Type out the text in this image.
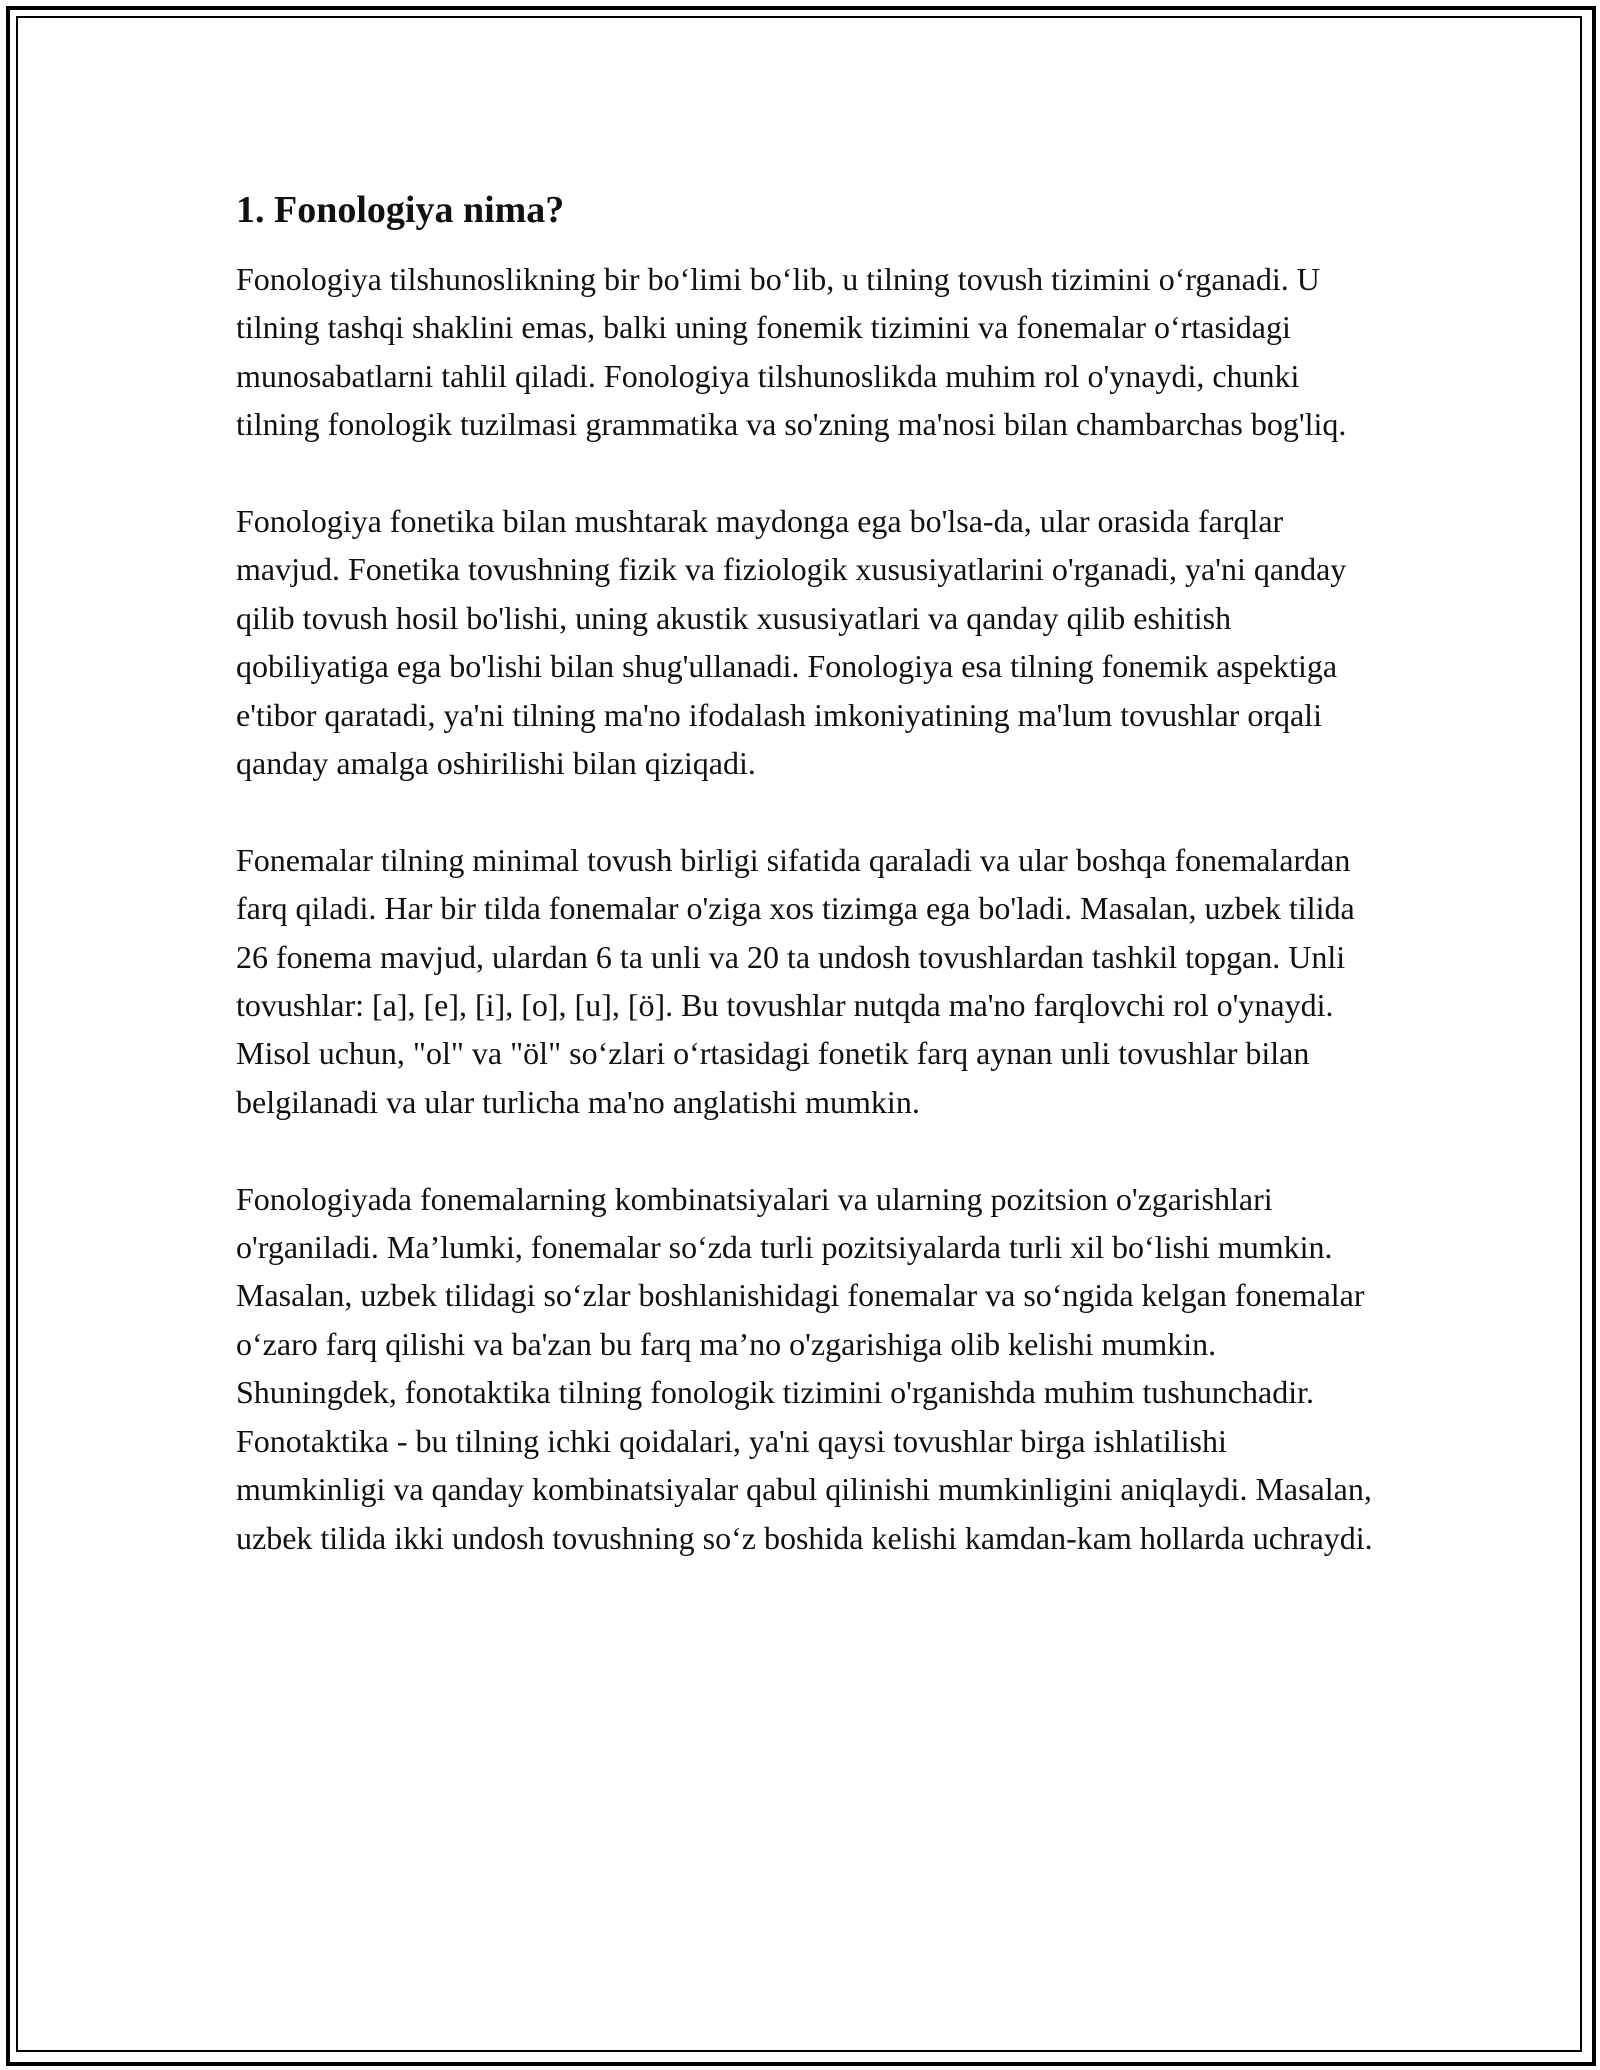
1. Fonologiya nima?

Fonologiya tilshunoslikning bir bo‘limi bo‘lib, u tilning tovush tizimini o‘rganadi. U tilning tashqi shaklini emas, balki uning fonemik tizimini va fonemalar o‘rtasidagi munosabatlarni tahlil qiladi. Fonologiya tilshunoslikda muhim rol o'ynaydi, chunki tilning fonologik tuzilmasi grammatika va so'zning ma'nosi bilan chambarchas bog'liq.

Fonologiya fonetika bilan mushtarak maydonga ega bo'lsa-da, ular orasida farqlar mavjud. Fonetika tovushning fizik va fiziologik xususiyatlarini o'rganadi, ya'ni qanday qilib tovush hosil bo'lishi, uning akustik xususiyatlari va qanday qilib eshitish qobiliyatiga ega bo'lishi bilan shug'ullanadi. Fonologiya esa tilning fonemik aspektiga e'tibor qaratadi, ya'ni tilning ma'no ifodalash imkoniyatining ma'lum tovushlar orqali qanday amalga oshirilishi bilan qiziqadi.

Fonemalar tilning minimal tovush birligi sifatida qaraladi va ular boshqa fonemalardan farq qiladi. Har bir tilda fonemalar o'ziga xos tizimga ega bo'ladi. Masalan, uzbek tilida 26 fonema mavjud, ulardan 6 ta unli va 20 ta undosh tovushlardan tashkil topgan. Unli tovushlar: [a], [e], [i], [o], [u], [ö]. Bu tovushlar nutqda ma'no farqlovchi rol o'ynaydi. Misol uchun, "ol" va "öl" so‘zlari o‘rtasidagi fonetik farq aynan unli tovushlar bilan belgilanadi va ular turlicha ma'no anglatishi mumkin.

Fonologiyada fonemalarning kombinatsiyalari va ularning pozitsion o'zgarishlari o'rganiladi. Ma’lumki, fonemalar so‘zda turli pozitsiyalarda turli xil bo‘lishi mumkin. Masalan, uzbek tilidagi so‘zlar boshlanishidagi fonemalar va so‘ngida kelgan fonemalar o‘zaro farq qilishi va ba'zan bu farq ma’no o'zgarishiga olib kelishi mumkin. Shuningdek, fonotaktika tilning fonologik tizimini o'rganishda muhim tushunchadir. Fonotaktika - bu tilning ichki qoidalari, ya'ni qaysi tovushlar birga ishlatilishi mumkinligi va qanday kombinatsiyalar qabul qilinishi mumkinligini aniqlaydi. Masalan, uzbek tilida ikki undosh tovushning so‘z boshida kelishi kamdan-kam hollarda uchraydi.
